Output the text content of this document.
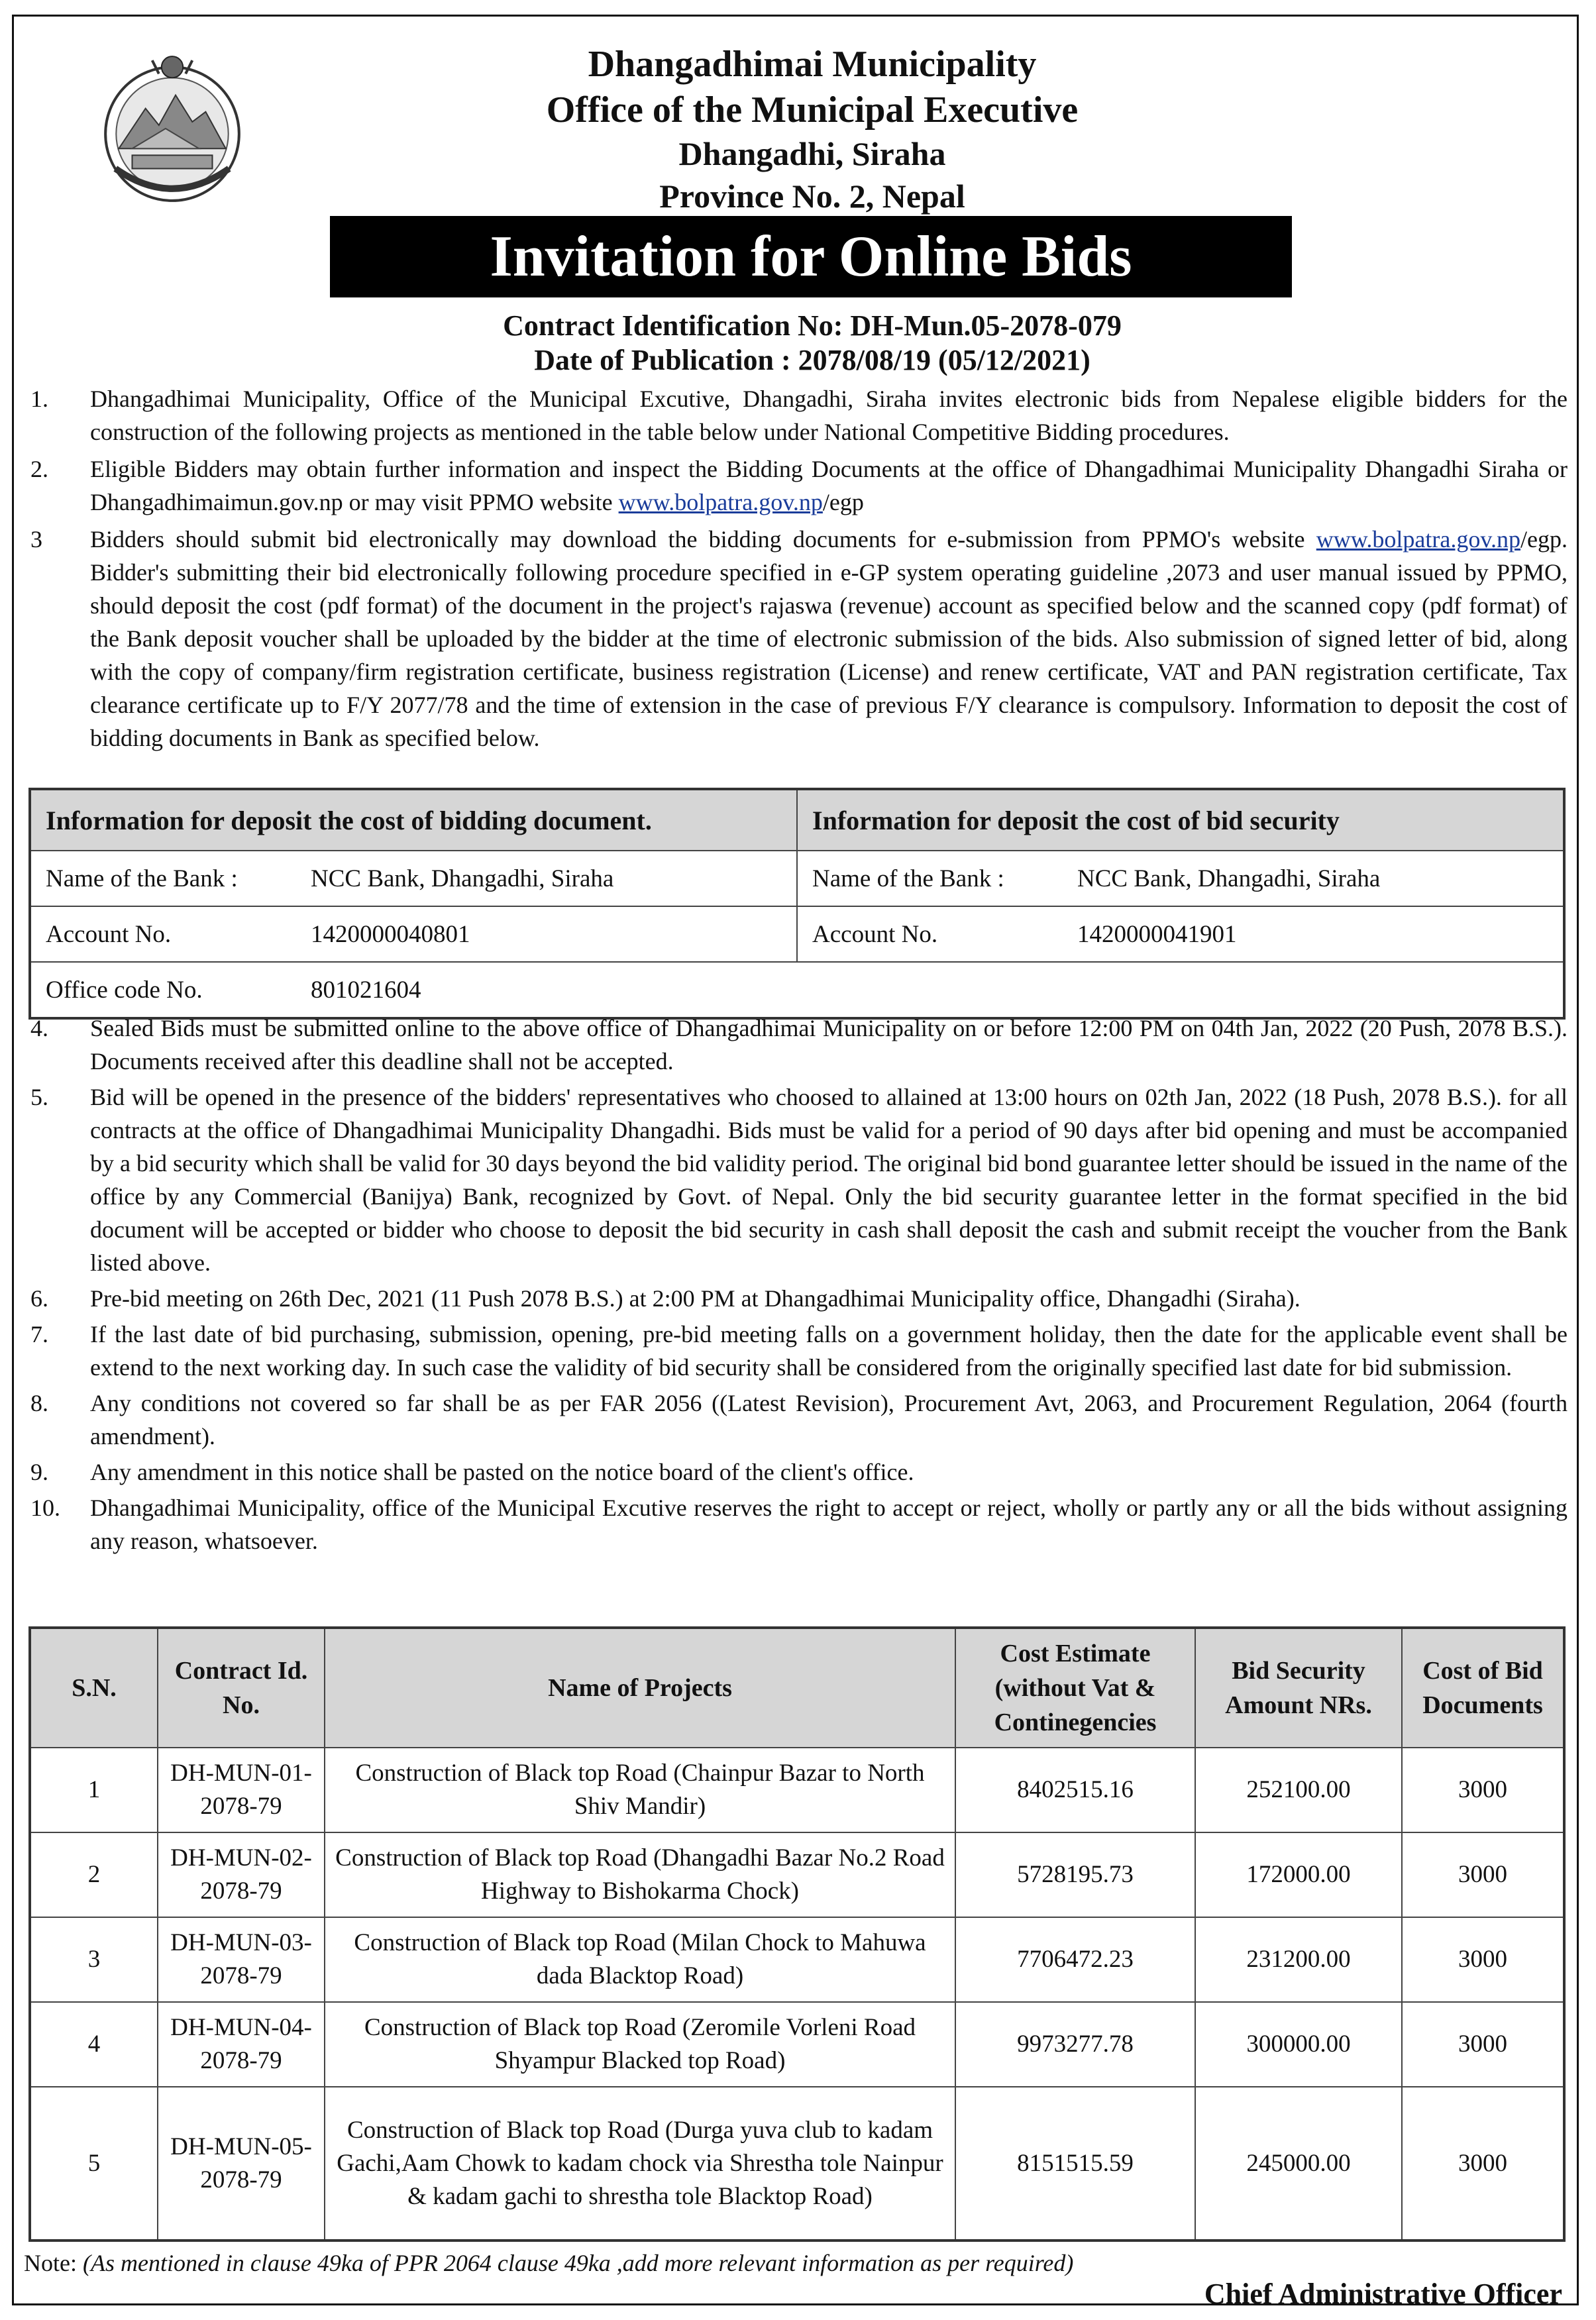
Dhangadhimai Municipality
Office of the Municipal Executive
Dhangadhi, Siraha
Province No. 2, Nepal
Invitation for Online Bids
Contract Identification No: DH-Mun.05-2078-079
Date of Publication : 2078/08/19 (05/12/2021)
1. Dhangadhimai Municipality, Office of the Municipal Excutive, Dhangadhi, Siraha invites electronic bids from Nepalese eligible bidders for the construction of the following projects as mentioned in the table below under National Competitive Bidding procedures.
2. Eligible Bidders may obtain further information and inspect the Bidding Documents at the office of Dhangadhimai Municipality Dhangadhi Siraha or Dhangadhimaimun.gov.np or may visit PPMO website www.bolpatra.gov.np/egp
3 Bidders should submit bid electronically may download the bidding documents for e-submission from PPMO's website www.bolpatra.gov.np/egp. Bidder's submitting their bid electronically following procedure specified in e-GP system operating guideline ,2073 and user manual issued by PPMO, should deposit the cost (pdf format) of the document in the project's rajaswa (revenue) account as specified below and the scanned copy (pdf format) of the Bank deposit voucher shall be uploaded by the bidder at the time of electronic submission of the bids. Also submission of signed letter of bid, along with the copy of company/firm registration certificate, business registration (License) and renew certificate, VAT and PAN registration certificate, Tax clearance certificate up to F/Y 2077/78 and the time of extension in the case of previous F/Y clearance is compulsory. Information to deposit the cost of bidding documents in Bank as specified below.
Information for deposit the cost of bidding document.	Information for deposit the cost of bid security
Name of the Bank : NCC Bank, Dhangadhi, Siraha	Name of the Bank : NCC Bank, Dhangadhi, Siraha
Account No. 1420000040801	Account No. 1420000041901
Office code No. 801021604	
4. Sealed Bids must be submitted online to the above office of Dhangadhimai Municipality on or before 12:00 PM on 04th Jan, 2022 (20 Push, 2078 B.S.). Documents received after this deadline shall not be accepted.
5. Bid will be opened in the presence of the bidders' representatives who choosed to allained at 13:00 hours on 02th Jan, 2022 (18 Push, 2078 B.S.). for all contracts at the office of Dhangadhimai Municipality Dhangadhi. Bids must be valid for a period of 90 days after bid opening and must be accompanied by a bid security which shall be valid for 30 days beyond the bid validity period. The original bid bond guarantee letter should be issued in the name of the office by any Commercial (Banijya) Bank, recognized by Govt. of Nepal. Only the bid security guarantee letter in the format specified in the bid document will be accepted or bidder who choose to deposit the bid security in cash shall deposit the cash and submit receipt the voucher from the Bank listed above.
6. Pre-bid meeting on 26th Dec, 2021 (11 Push 2078 B.S.) at 2:00 PM at Dhangadhimai Municipality office, Dhangadhi (Siraha).
7. If the last date of bid purchasing, submission, opening, pre-bid meeting falls on a government holiday, then the date for the applicable event shall be extend to the next working day. In such case the validity of bid security shall be considered from the originally specified last date for bid submission.
8. Any conditions not covered so far shall be as per FAR 2056 ((Latest Revision), Procurement Avt, 2063, and Procurement Regulation, 2064 (fourth amendment).
9. Any amendment in this notice shall be pasted on the notice board of the client's office.
10. Dhangadhimai Municipality, office of the Municipal Excutive reserves the right to accept or reject, wholly or partly any or all the bids without assigning any reason, whatsoever.
S.N.	Contract Id. No.	Name of Projects	Cost Estimate (without Vat & Continegencies	Bid Security Amount NRs.	Cost of Bid Documents
1	DH-MUN-01-2078-79	Construction of Black top Road (Chainpur Bazar to North Shiv Mandir)	8402515.16	252100.00	3000
2	DH-MUN-02-2078-79	Construction of Black top Road (Dhangadhi Bazar No.2 Road Highway to Bishokarma Chock)	5728195.73	172000.00	3000
3	DH-MUN-03-2078-79	Construction of Black top Road (Milan Chock to Mahuwa dada Blacktop Road)	7706472.23	231200.00	3000
4	DH-MUN-04-2078-79	Construction of Black top Road (Zeromile Vorleni Road Shyampur Blacked top Road)	9973277.78	300000.00	3000
5	DH-MUN-05-2078-79	Construction of Black top Road (Durga yuva club to kadam Gachi,Aam Chowk to kadam chock via Shrestha tole Nainpur & kadam gachi to shrestha tole Blacktop Road)	8151515.59	245000.00	3000
Note: (As mentioned in clause 49ka of PPR 2064 clause 49ka ,add more relevant information as per required)
Chief Administrative Officer
